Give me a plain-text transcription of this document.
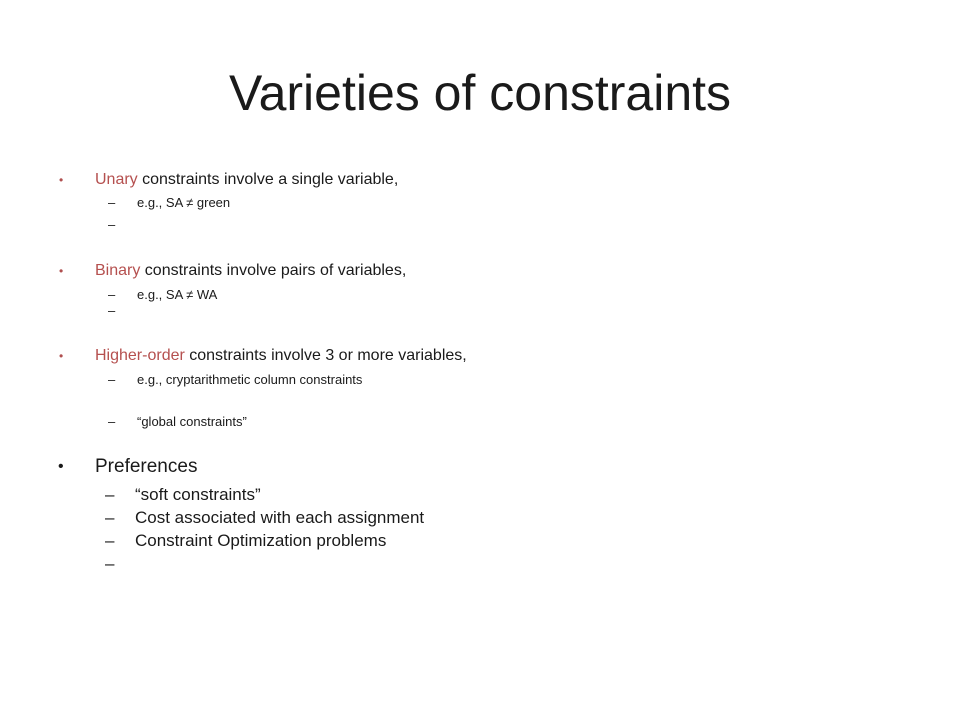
Varieties of constraints
• Unary constraints involve a single variable,
– e.g., SA ≠ green
–
• Binary constraints involve pairs of variables,
– e.g., SA ≠ WA
–
• Higher-order constraints involve 3 or more variables,
– e.g., cryptarithmetic column constraints
– “global constraints”
• Preferences
– “soft constraints”
– Cost associated with each assignment
– Constraint Optimization problems
–
